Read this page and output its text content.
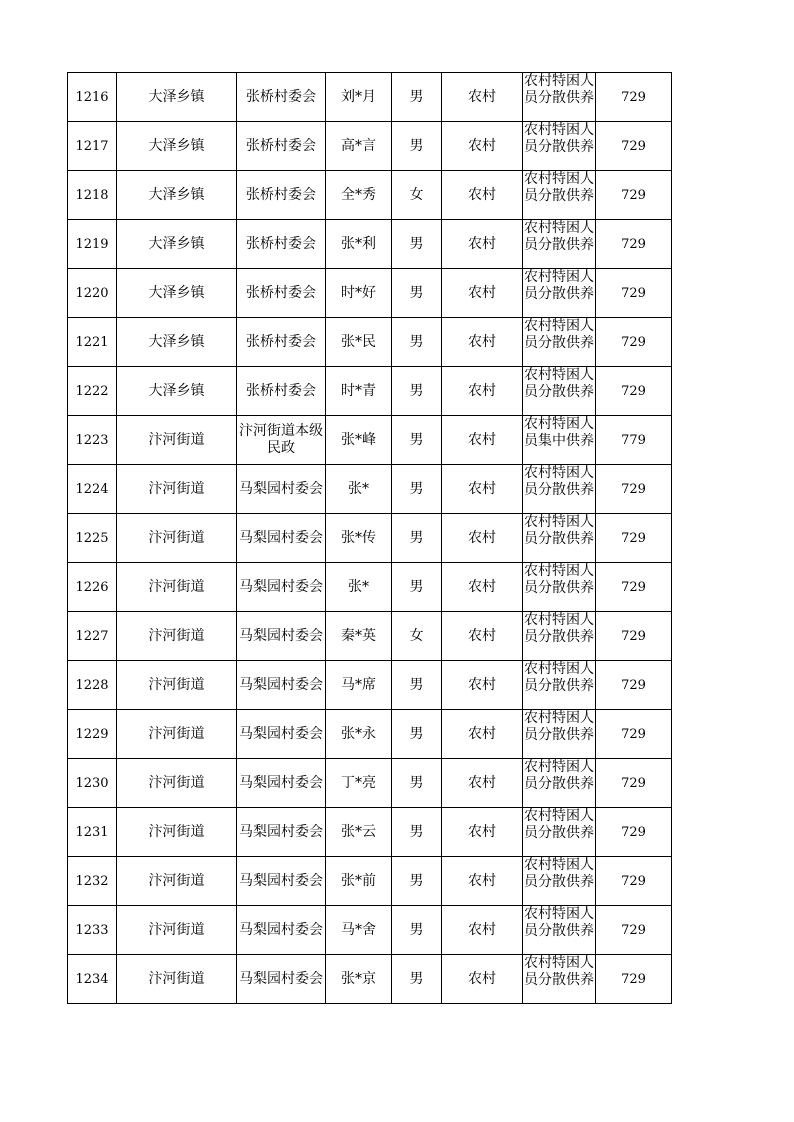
1216	大泽乡镇	张桥村委会	刘*月	男	农村	农村特困人员分散供养	729
1217	大泽乡镇	张桥村委会	高*言	男	农村	农村特困人员分散供养	729
1218	大泽乡镇	张桥村委会	全*秀	女	农村	农村特困人员分散供养	729
1219	大泽乡镇	张桥村委会	张*利	男	农村	农村特困人员分散供养	729
1220	大泽乡镇	张桥村委会	时*好	男	农村	农村特困人员分散供养	729
1221	大泽乡镇	张桥村委会	张*民	男	农村	农村特困人员分散供养	729
1222	大泽乡镇	张桥村委会	时*青	男	农村	农村特困人员分散供养	729
1223	汴河街道	汴河街道本级民政	张*峰	男	农村	农村特困人员集中供养	779
1224	汴河街道	马梨园村委会	张*	男	农村	农村特困人员分散供养	729
1225	汴河街道	马梨园村委会	张*传	男	农村	农村特困人员分散供养	729
1226	汴河街道	马梨园村委会	张*	男	农村	农村特困人员分散供养	729
1227	汴河街道	马梨园村委会	秦*英	女	农村	农村特困人员分散供养	729
1228	汴河街道	马梨园村委会	马*席	男	农村	农村特困人员分散供养	729
1229	汴河街道	马梨园村委会	张*永	男	农村	农村特困人员分散供养	729
1230	汴河街道	马梨园村委会	丁*亮	男	农村	农村特困人员分散供养	729
1231	汴河街道	马梨园村委会	张*云	男	农村	农村特困人员分散供养	729
1232	汴河街道	马梨园村委会	张*前	男	农村	农村特困人员分散供养	729
1233	汴河街道	马梨园村委会	马*舍	男	农村	农村特困人员分散供养	729
1234	汴河街道	马梨园村委会	张*京	男	农村	农村特困人员分散供养	729
